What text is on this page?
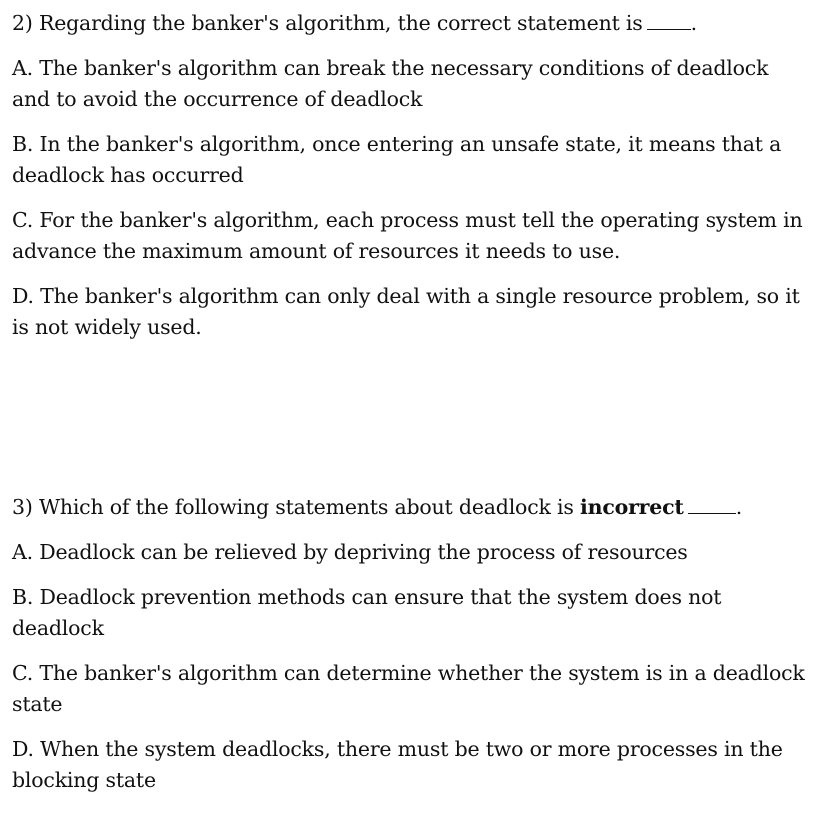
2) Regarding the banker's algorithm, the correct statement is .

A. The banker's algorithm can break the necessary conditions of deadlock and to avoid the occurrence of deadlock

B. In the banker's algorithm, once entering an unsafe state, it means that a deadlock has occurred

C. For the banker's algorithm, each process must tell the operating system in advance the maximum amount of resources it needs to use.

D. The banker's algorithm can only deal with a single resource problem, so it is not widely used.

3) Which of the following statements about deadlock is incorrect	.

A. Deadlock can be relieved by depriving the process of resources

B. Deadlock prevention methods can ensure that the system does not deadlock

C. The banker's algorithm can determine whether the system is in a deadlock state

D. When the system deadlocks, there must be two or more processes in the blocking state
